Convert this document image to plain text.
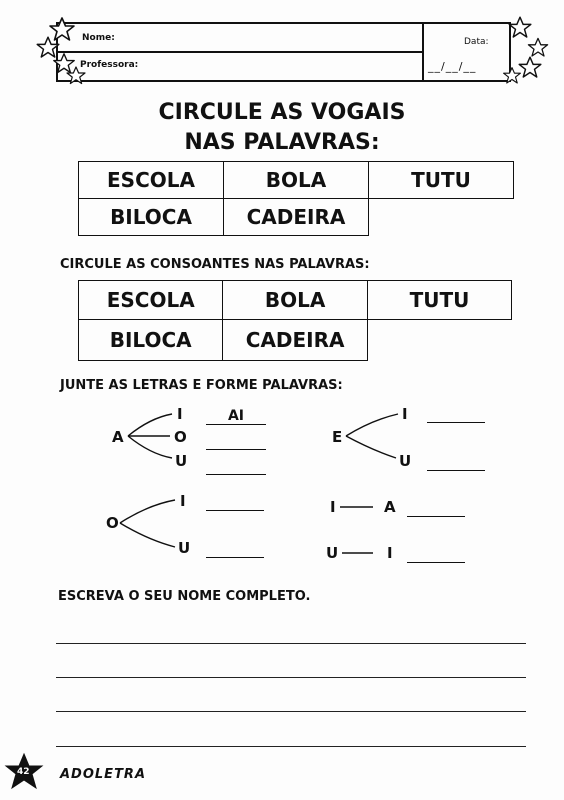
Nome:
Professora:
Data:
__/__/__
CIRCULE AS VOGAIS
NAS PALAVRAS:
ESCOLA	BOLA	TUTU
BILOCA	CADEIRA	
CIRCULE AS CONSOANTES NAS PALAVRAS:
ESCOLA	BOLA	TUTU
BILOCA	CADEIRA	
JUNTE AS LETRAS E FORME PALAVRAS:
A
I
O
U
AI
E
I
U
O
I
U
I	A
U	I
ESCREVA O SEU NOME COMPLETO.
42 ADOLETRA
